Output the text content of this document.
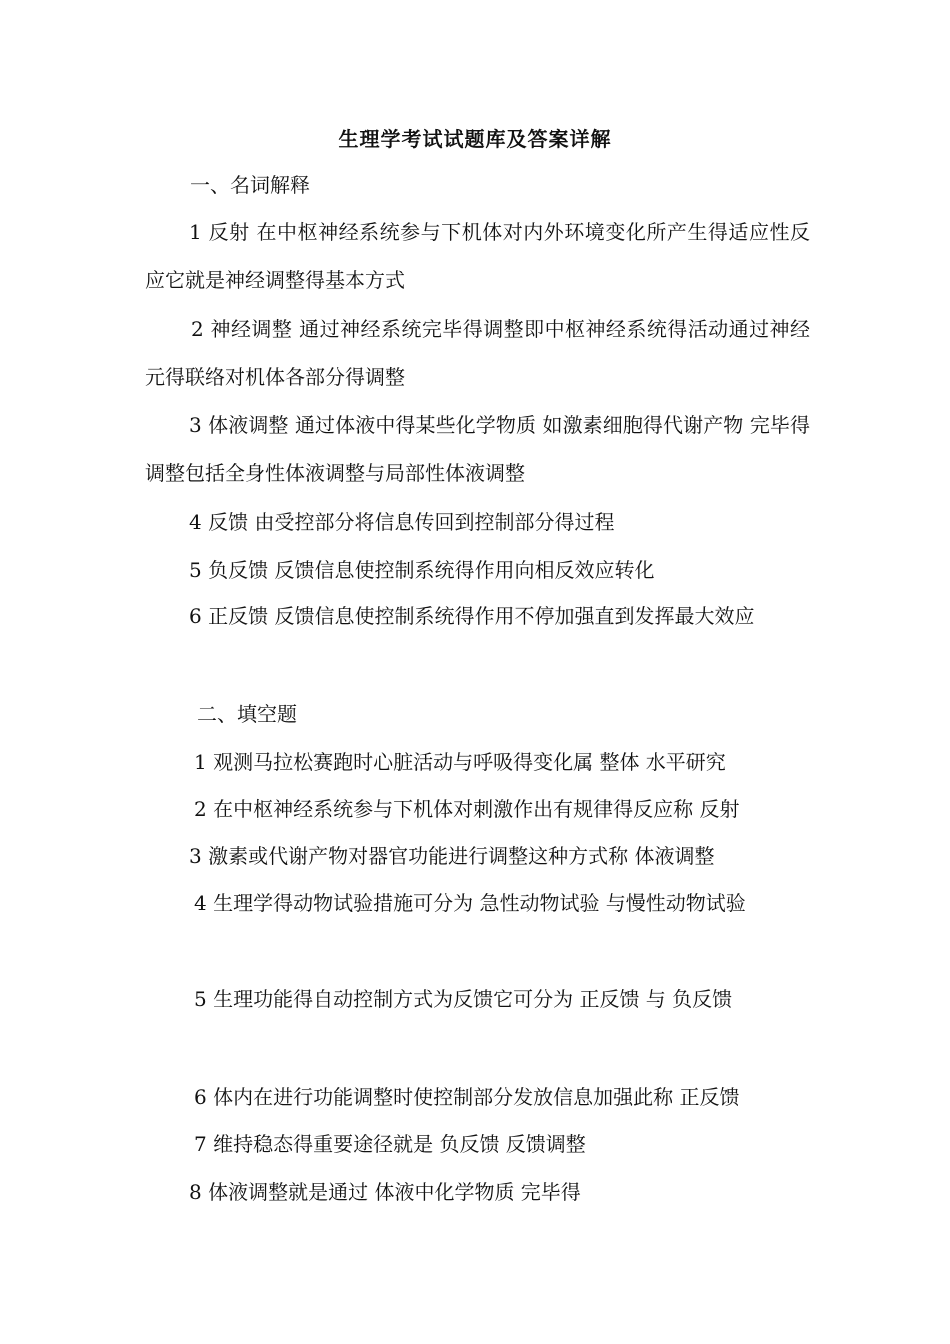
生理学考试试题库及答案详解
一、名词解释
1 反射 在中枢神经系统参与下机体对内外环境变化所产生得适应性反应它就是神经调整得基本方式
2 神经调整 通过神经系统完毕得调整即中枢神经系统得活动通过神经元得联络对机体各部分得调整
3 体液调整 通过体液中得某些化学物质 如激素细胞得代谢产物 完毕得调整包括全身性体液调整与局部性体液调整
4 反馈 由受控部分将信息传回到控制部分得过程
5 负反馈 反馈信息使控制系统得作用向相反效应转化
6 正反馈 反馈信息使控制系统得作用不停加强直到发挥最大效应
二、填空题
1 观测马拉松赛跑时心脏活动与呼吸得变化属 整体 水平研究
2 在中枢神经系统参与下机体对刺激作出有规律得反应称 反射
3 激素或代谢产物对器官功能进行调整这种方式称 体液调整
4 生理学得动物试验措施可分为 急性动物试验 与慢性动物试验
5 生理功能得自动控制方式为反馈它可分为 正反馈 与 负反馈
6 体内在进行功能调整时使控制部分发放信息加强此称 正反馈
7 维持稳态得重要途径就是 负反馈 反馈调整
8 体液调整就是通过 体液中化学物质 完毕得
